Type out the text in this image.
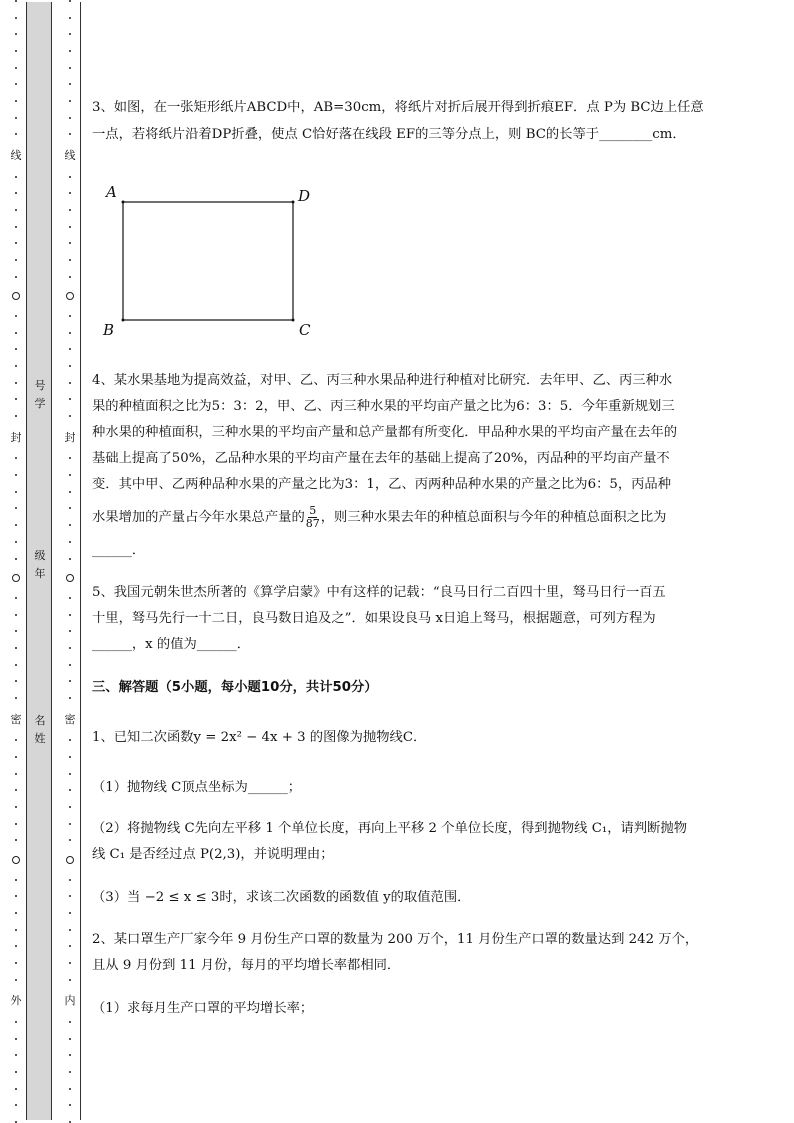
线
封
密
外
号
学
级
年
名
姓
线
封
密
内

3、如图，在一张矩形纸片ABCD中，AB=30cm，将纸片对折后展开得到折痕EF．点 P为 BC边上任意

一点，若将纸片沿着DP折叠，使点 C恰好落在线段 EF的三等分点上，则 BC的长等于________cm．

A	D
B	C

4、某水果基地为提高效益，对甲、乙、丙三种水果品种进行种植对比研究．去年甲、乙、丙三种水

果的种植面积之比为5：3：2，甲、乙、丙三种水果的平均亩产量之比为6：3：5．今年重新规划三

种水果的种植面积，三种水果的平均亩产量和总产量都有所变化．甲品种水果的平均亩产量在去年的

基础上提高了50%，乙品种水果的平均亩产量在去年的基础上提高了20%，丙品种的平均亩产量不

变．其中甲、乙两种品种水果的产量之比为3：1，乙、丙两种品种水果的产量之比为6：5，丙品种

水果增加的产量占今年水果总产量的 $\frac{5}{87}$ ，则三种水果去年的种植总面积与今年的种植总面积之比为

______．

5、我国元朝朱世杰所著的《算学启蒙》中有这样的记载：“良马日行二百四十里，驽马日行一百五

十里，驽马先行一十二日，良马数日追及之”．如果设良马 x日追上驽马，根据题意，可列方程为

______，x 的值为______．

三、解答题（5小题，每小题10分，共计50分）

1、已知二次函数y = 2x² − 4x + 3 的图像为抛物线C．

（1）抛物线 C顶点坐标为______；

（2）将抛物线 C先向左平移 1 个单位长度，再向上平移 2 个单位长度，得到抛物线 C₁，请判断抛物

线 C₁ 是否经过点 P(2,3)，并说明理由；

（3）当 −2 ≤ x ≤ 3时，求该二次函数的函数值 y的取值范围．

2、某口罩生产厂家今年 9 月份生产口罩的数量为 200 万个，11 月份生产口罩的数量达到 242 万个，

且从 9 月份到 11 月份，每月的平均增长率都相同．

（1）求每月生产口罩的平均增长率；
